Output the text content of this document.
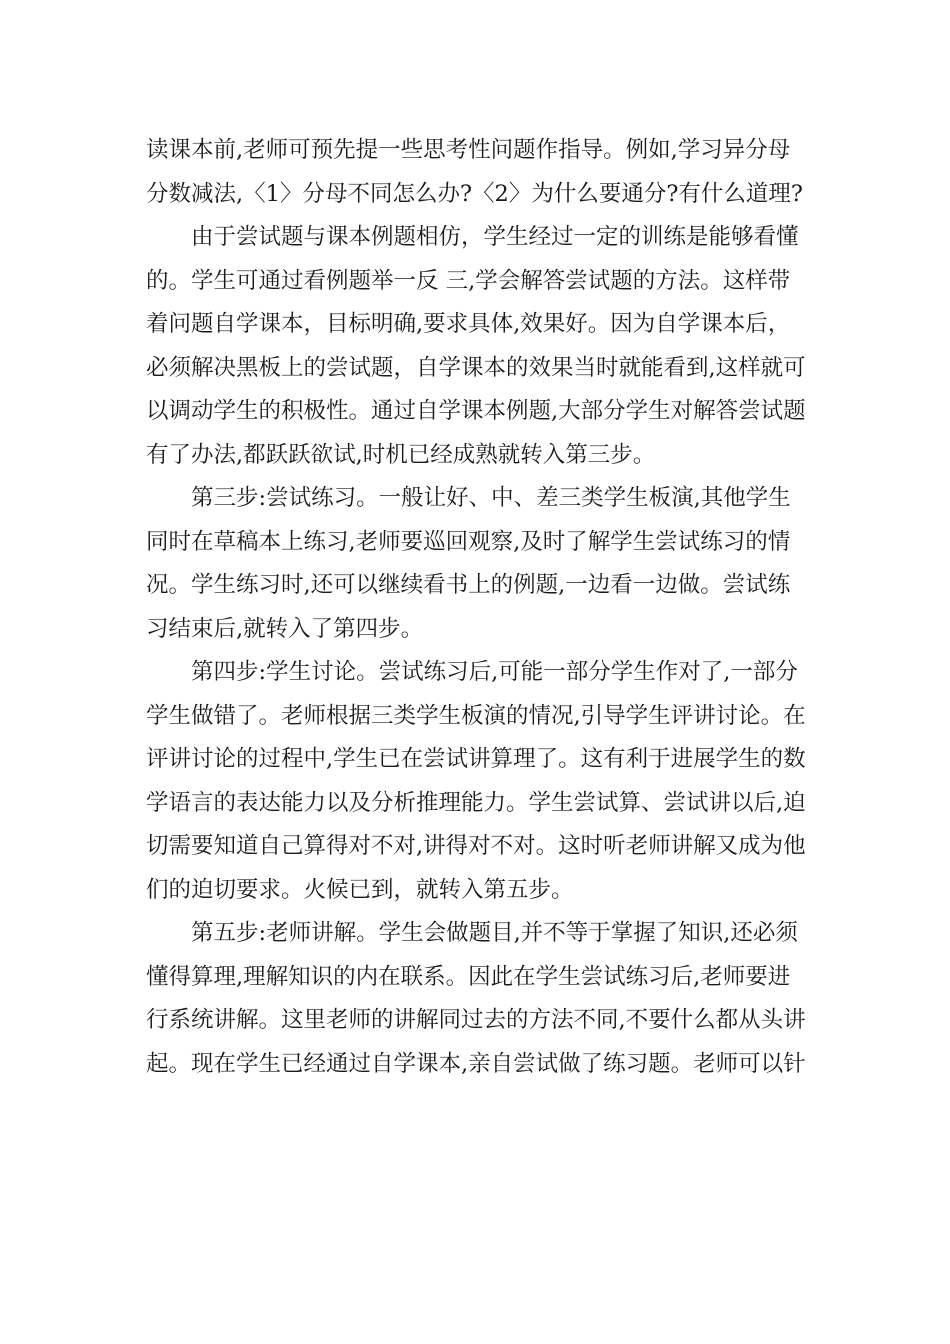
读课本前,老师可预先提一些思考性问题作指导。例如,学习异分母
分数减法,〈1〉分母不同怎么办?〈2〉为什么要通分?有什么道理?
由于尝试题与课本例题相仿，学生经过一定的训练是能够看懂
的。学生可通过看例题举一反 三,学会解答尝试题的方法。这样带
着问题自学课本，目标明确,要求具体,效果好。因为自学课本后，
必须解决黑板上的尝试题，自学课本的效果当时就能看到,这样就可
以调动学生的积极性。通过自学课本例题,大部分学生对解答尝试题
有了办法,都跃跃欲试,时机已经成熟就转入第三步。
第三步:尝试练习。一般让好、中、差三类学生板演,其他学生
同时在草稿本上练习,老师要巡回观察,及时了解学生尝试练习的情
况。学生练习时,还可以继续看书上的例题,一边看一边做。尝试练
习结束后,就转入了第四步。
第四步:学生讨论。尝试练习后,可能一部分学生作对了,一部分
学生做错了。老师根据三类学生板演的情况,引导学生评讲讨论。在
评讲讨论的过程中,学生已在尝试讲算理了。这有利于进展学生的数
学语言的表达能力以及分析推理能力。学生尝试算、尝试讲以后,迫
切需要知道自己算得对不对,讲得对不对。这时听老师讲解又成为他
们的迫切要求。火候已到，就转入第五步。
第五步:老师讲解。学生会做题目,并不等于掌握了知识,还必须
懂得算理,理解知识的内在联系。因此在学生尝试练习后,老师要进
行系统讲解。这里老师的讲解同过去的方法不同,不要什么都从头讲
起。现在学生已经通过自学课本,亲自尝试做了练习题。老师可以针
